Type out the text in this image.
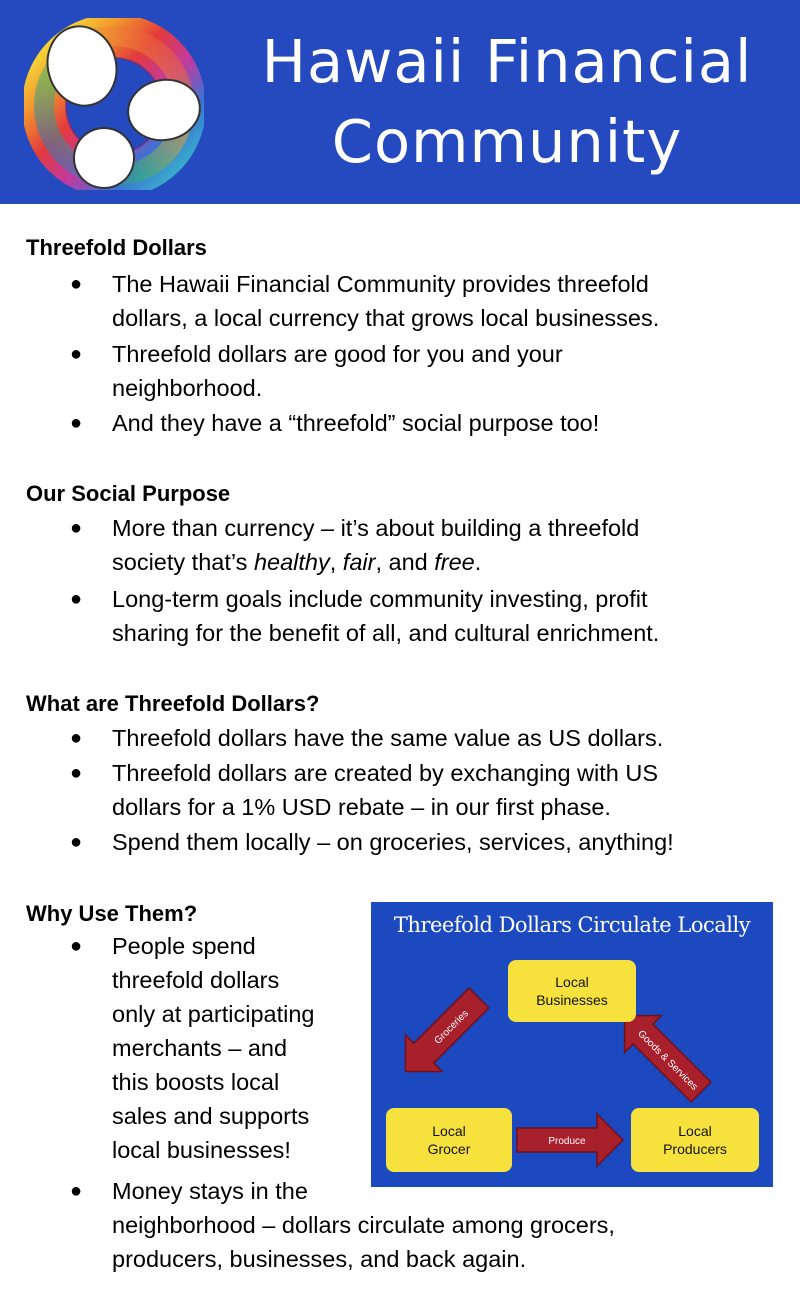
Hawaii Financial
Community
Threefold Dollars
● The Hawaii Financial Community provides threefold
dollars, a local currency that grows local businesses.
● Threefold dollars are good for you and your
neighborhood.
● And they have a “threefold” social purpose too!
Our Social Purpose
● More than currency – it’s about building a threefold
society that’s healthy, fair, and free.
● Long-term goals include community investing, profit
sharing for the benefit of all, and cultural enrichment.
What are Threefold Dollars?
● Threefold dollars have the same value as US dollars.
● Threefold dollars are created by exchanging with US
dollars for a 1% USD rebate – in our first phase.
● Spend them locally – on groceries, services, anything!
Why Use Them?
● People spend
threefold dollars
only at participating
merchants – and
this boosts local
sales and supports
local businesses!
● Money stays in the
neighborhood – dollars circulate among grocers,
producers, businesses, and back again.
Threefold Dollars Circulate Locally
Groceries
Goods & Services
Produce
Local
Businesses
Local
Grocer
Local
Producers
